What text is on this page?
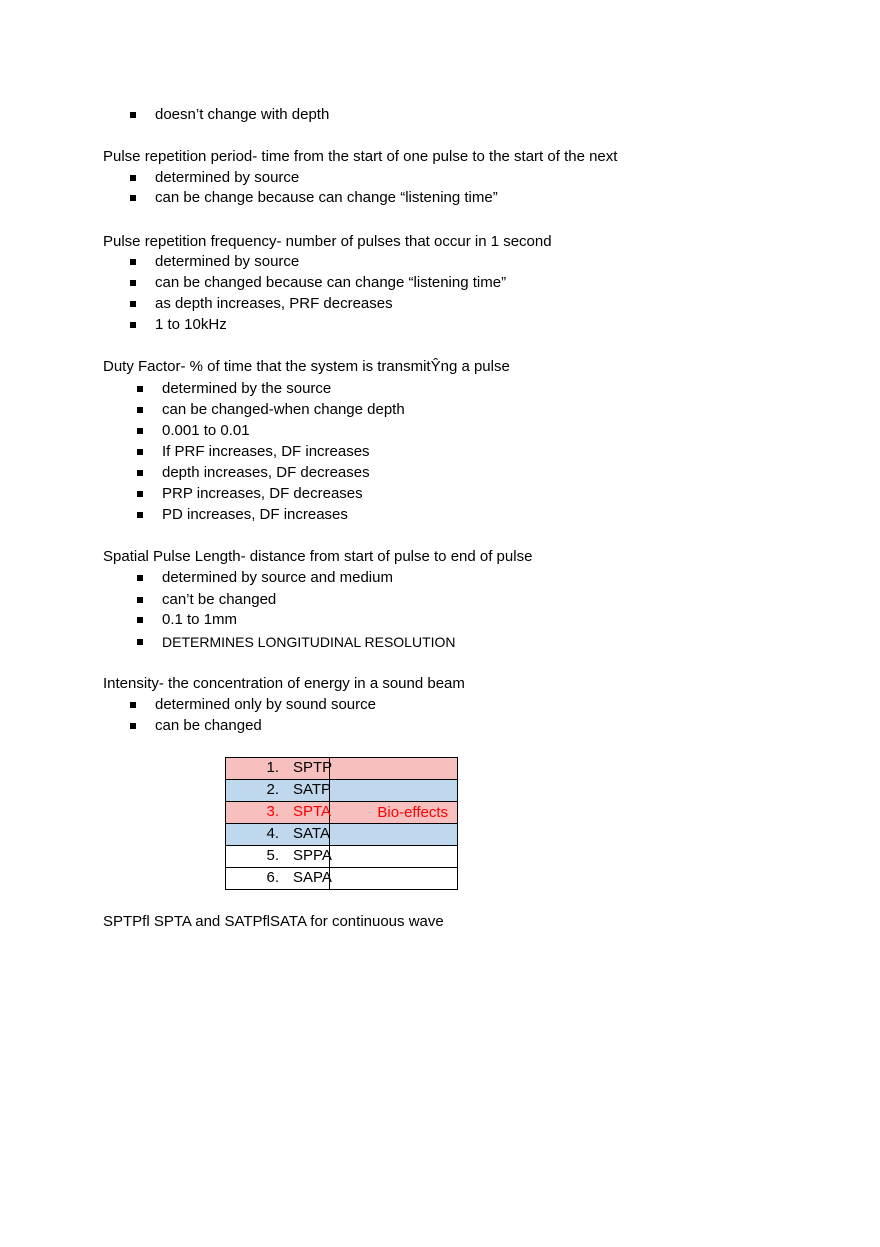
doesn’t change with depth
Pulse repetition period- time from the start of one pulse to the start of the next
determined by source
can be change because can change “listening time”
Pulse repetition frequency- number of pulses that occur in 1 second
determined by source
can be changed because can change “listening time”
as depth increases, PRF decreases
1 to 10kHz
Duty Factor- % of time that the system is transmitŶng a pulse
determined by the source
can be changed-when change depth
0.001 to 0.01
If PRF increases, DF increases
depth increases, DF decreases
PRP increases, DF decreases
PD increases, DF increases
Spatial Pulse Length- distance from start of pulse to end of pulse
determined by source and medium
can’t be changed
0.1 to 1mm
DETERMINES LONGITUDINAL RESOLUTION
Intensity- the concentration of energy in a sound beam
determined only by sound source
can be changed
1. SPTP	

2. SATP	

3. SPTA	Bio-effects

4. SATA	

5. SPPA	

6. SAPA	

SPTPfl SPTA and SATPflSATA for continuous wave
